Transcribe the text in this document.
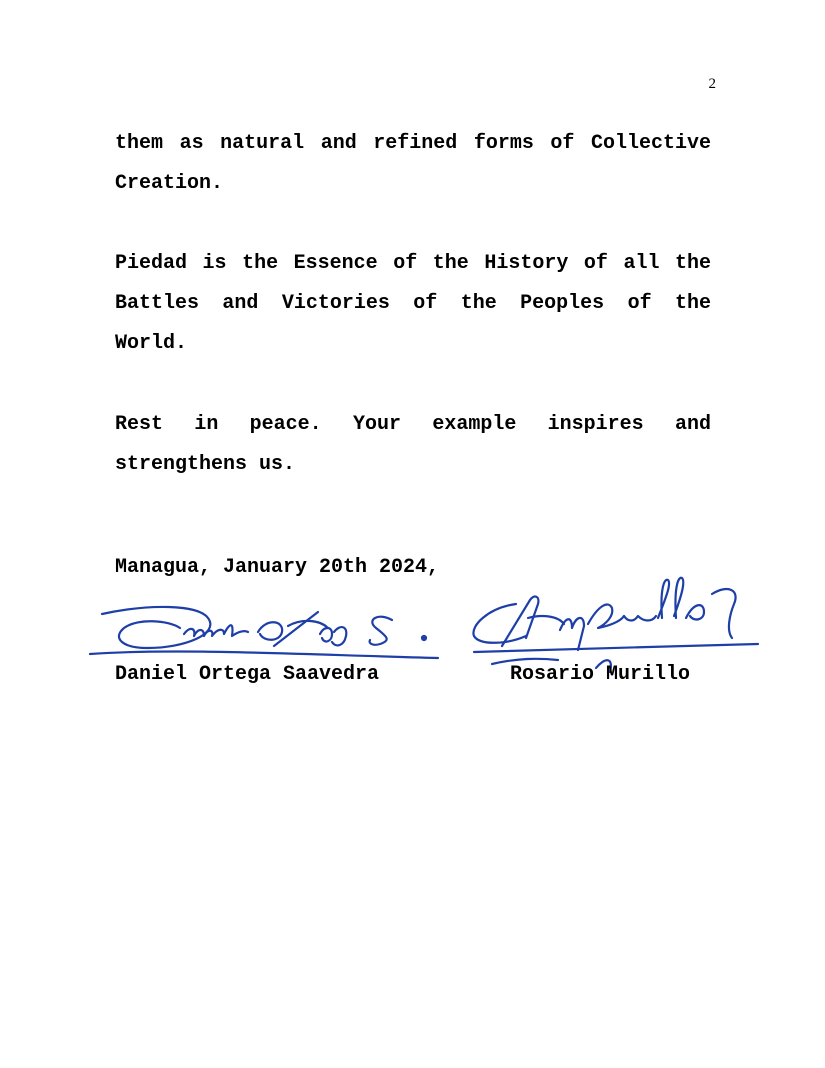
2
them as natural and refined forms of Collective Creation.
Piedad is the Essence of the History of all the Battles and Victories of the Peoples of the World.
Rest in peace. Your example inspires and strengthens us.
Managua, January 20th 2024,
Daniel Ortega Saavedra	Rosario Murillo
